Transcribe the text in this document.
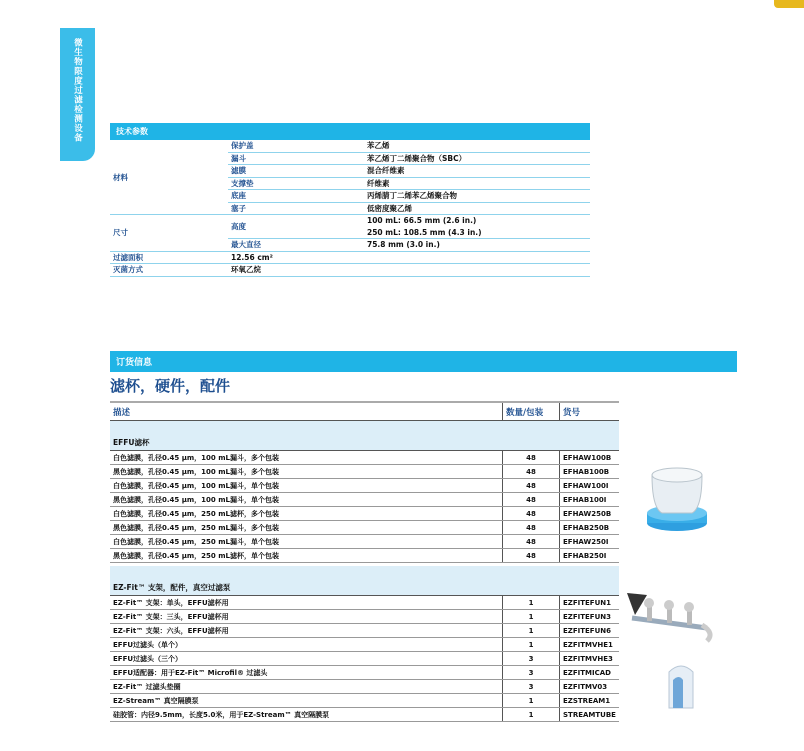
微生物限度过滤检测设备	技术参数
材料	保护盖	苯乙烯
	漏斗	苯乙烯丁二烯聚合物（SBC）
	滤膜	混合纤维素
	支撑垫	纤维素
	底座	丙烯腈丁二烯苯乙烯聚合物
	塞子	低密度聚乙烯
尺寸	高度	100 mL: 66.5 mm (2.6 in.)
		250 mL: 108.5 mm (4.3 in.)
	最大直径	75.8 mm (3.0 in.)
过滤面积	12.56 cm²	
灭菌方式	环氧乙烷	
订货信息
滤杯，硬件，配件
描述	数量/包装	货号	
EFFU滤杯			
白色滤膜，孔径0.45 µm，100 mL漏斗，多个包装	48	EFHAW100B	
黑色滤膜，孔径0.45 µm，100 mL漏斗，多个包装	48	EFHAB100B	
白色滤膜，孔径0.45 µm，100 mL漏斗，单个包装	48	EFHAW100I	
黑色滤膜，孔径0.45 µm，100 mL漏斗，单个包装	48	EFHAB100I	
白色滤膜，孔径0.45 µm，250 mL滤杯，多个包装	48	EFHAW250B	
黑色滤膜，孔径0.45 µm，250 mL漏斗，多个包装	48	EFHAB250B	
白色滤膜，孔径0.45 µm，250 mL漏斗，单个包装	48	EFHAW250I	
黑色滤膜，孔径0.45 µm，250 mL滤杯，单个包装	48	EFHAB250I	

EZ-Fit™ 支架，配件，真空过滤泵			
EZ-Fit™ 支架：单头，EFFU滤杯用	1	EZFITEFUN1	
EZ-Fit™ 支架：三头，EFFU滤杯用	1	EZFITEFUN3	
EZ-Fit™ 支架：六头，EFFU滤杯用	1	EZFITEFUN6	
EFFU过滤头（单个）	1	EZFITMVHE1	
EFFU过滤头（三个）	3	EZFITMVHE3	
EFFU适配器：用于EZ-Fit™ Microfil® 过滤头	3	EZFITMICAD	
EZ-Fit™ 过滤头垫圈	3	EZFITMV03	
EZ-Stream™ 真空隔膜泵	1	EZSTREAM1	
硅胶管：内径9.5mm，长度5.0米，用于EZ-Stream™ 真空隔膜泵	1	STREAMTUBE	
